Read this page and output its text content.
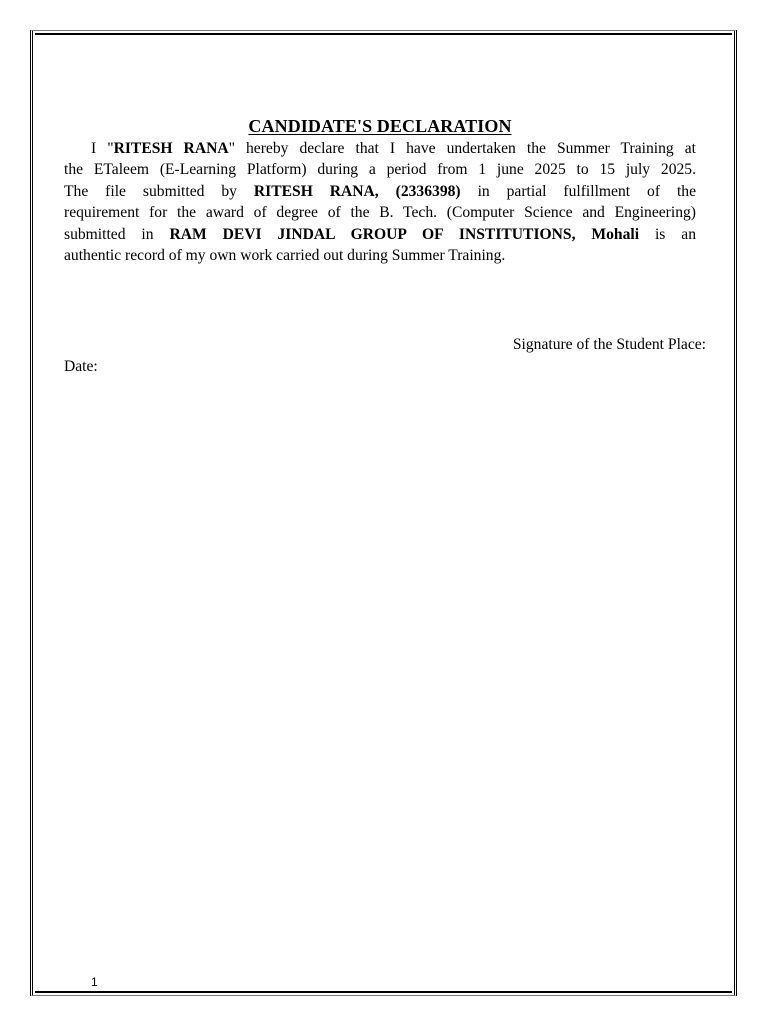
CANDIDATE'S DECLARATION

I "RITESH RANA" hereby declare that I have undertaken the Summer Training at

the ETaleem (E-Learning Platform) during a period from 1 june 2025 to 15 july 2025.

The file submitted by RITESH RANA, (2336398) in partial fulfillment of the

requirement for the award of degree of the B. Tech. (Computer Science and Engineering)

submitted in RAM DEVI JINDAL GROUP OF INSTITUTIONS, Mohali is an

authentic record of my own work carried out during Summer Training.

Signature of the Student Place:
Date:
1
